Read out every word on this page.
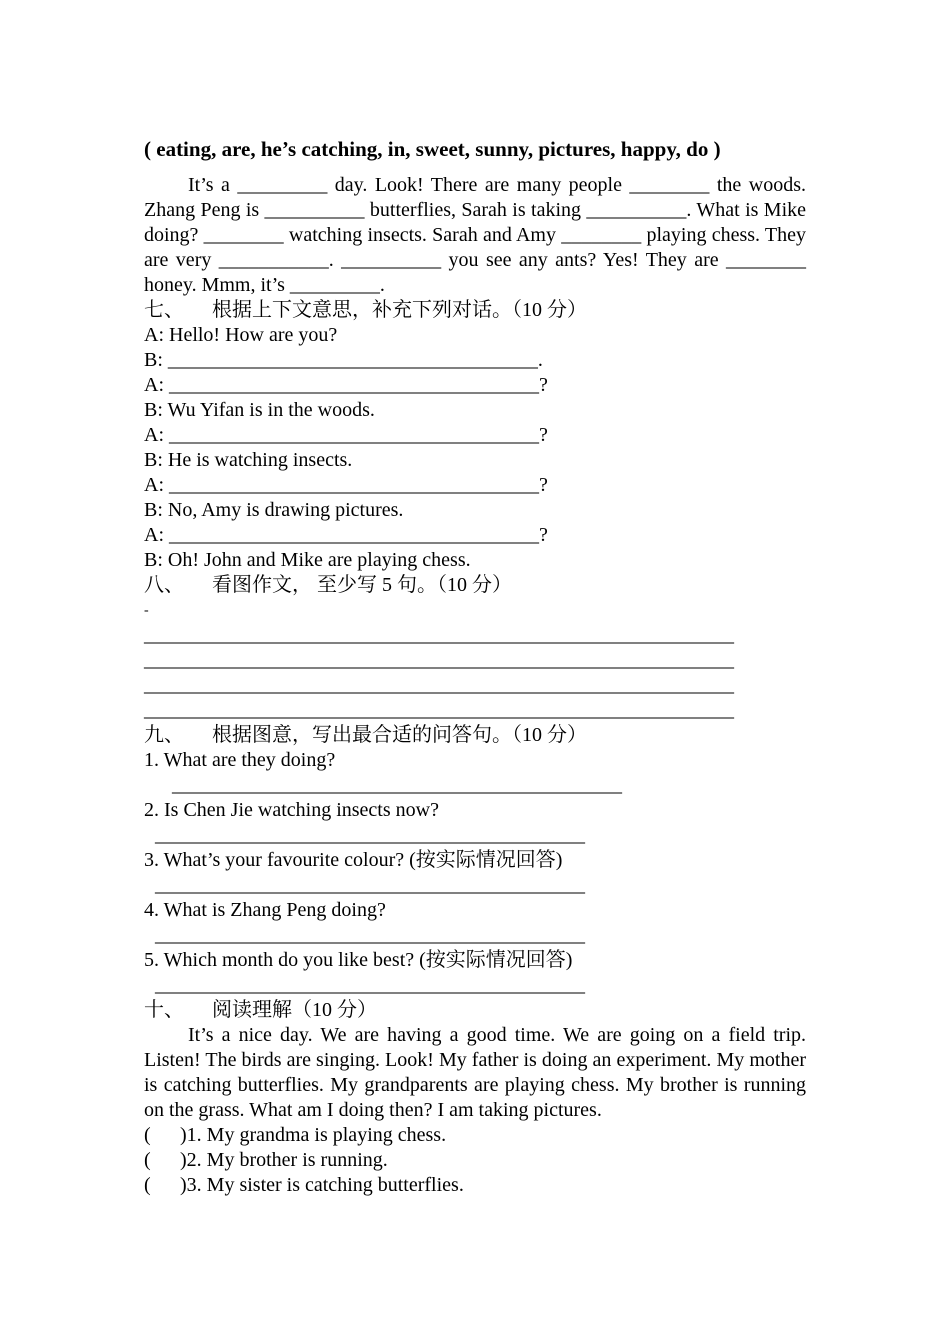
( eating, are, he’s catching, in, sweet, sunny, pictures, happy, do )

It’s a _________ day. Look! There are many people ________ the woods. Zhang Peng is __________ butterflies, Sarah is taking __________. What is Mike doing? ________ watching insects. Sarah and Amy ________ playing chess. They are very ___________. __________ you see any ants? Yes! They are ________ honey. Mmm, it’s _________.

七、 根据上下文意思，补充下列对话。（10 分）
A: Hello! How are you?
B: _____________________________________.
A: _____________________________________?
B: Wu Yifan is in the woods.
A: _____________________________________?
B: He is watching insects.
A: _____________________________________?
B: No, Amy is drawing pictures.
A: _____________________________________?
B: Oh! John and Mike are playing chess.
八、 看图作文， 至少写 5 句。（10 分）
-
___________________________________________________________
___________________________________________________________
___________________________________________________________
___________________________________________________________
九、 根据图意，写出最合适的问答句。（10 分）
1. What are they doing?
_____________________________________________
2. Is Chen Jie watching insects now?
___________________________________________
3. What’s your favourite colour? (按实际情况回答)
___________________________________________
4. What is Zhang Peng doing?
___________________________________________
5. Which month do you like best? (按实际情况回答)
___________________________________________
十、 阅读理解（10 分）

It’s a nice day. We are having a good time. We are going on a field trip. Listen! The birds are singing. Look! My father is doing an experiment. My mother is catching butterflies. My grandparents are playing chess. My brother is running on the grass. What am I doing then? I am taking pictures.

( )1. My grandma is playing chess.
( )2. My brother is running.
( )3. My sister is catching butterflies.
